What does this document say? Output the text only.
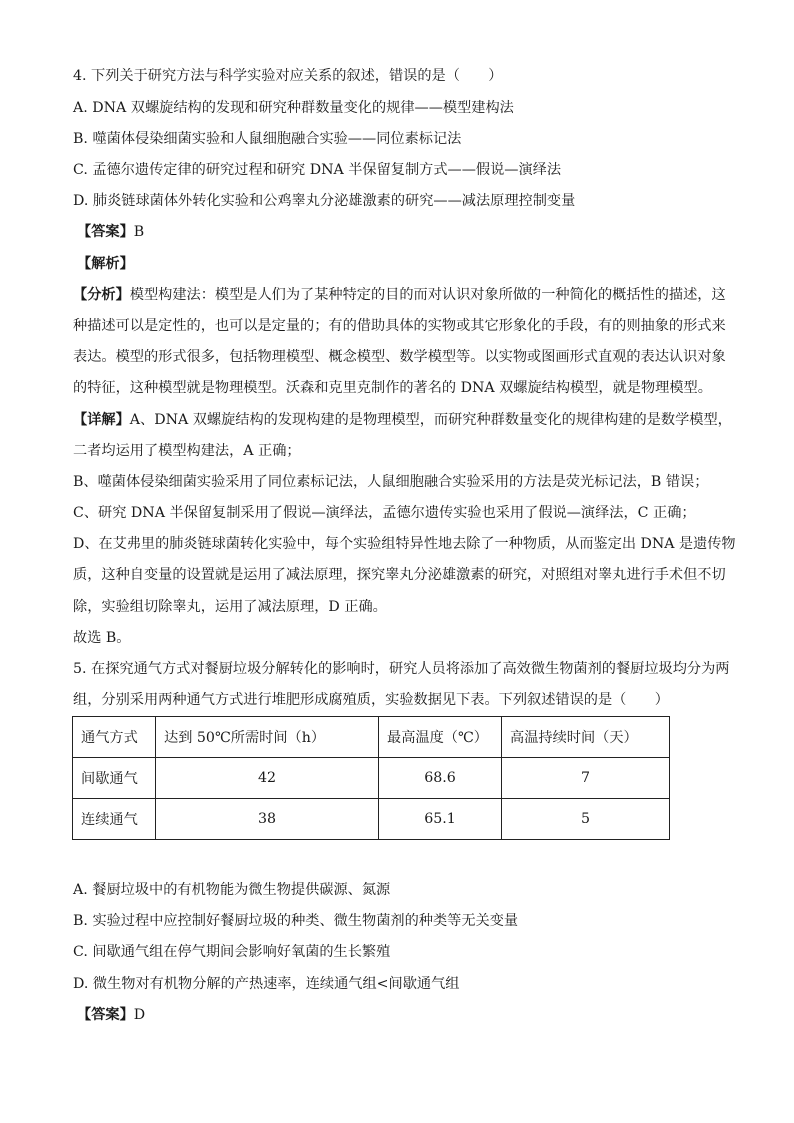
4. 下列关于研究方法与科学实验对应关系的叙述，错误的是（　　）
A. DNA 双螺旋结构的发现和研究种群数量变化的规律——模型建构法
B. 噬菌体侵染细菌实验和人鼠细胞融合实验——同位素标记法
C. 孟德尔遗传定律的研究过程和研究 DNA 半保留复制方式——假说—演绎法
D. 肺炎链球菌体外转化实验和公鸡睾丸分泌雄激素的研究——减法原理控制变量
【答案】B
【解析】
【分析】模型构建法：模型是人们为了某种特定的目的而对认识对象所做的一种简化的概括性的描述，这
种描述可以是定性的，也可以是定量的；有的借助具体的实物或其它形象化的手段，有的则抽象的形式来
表达。模型的形式很多，包括物理模型、概念模型、数学模型等。以实物或图画形式直观的表达认识对象
的特征，这种模型就是物理模型。沃森和克里克制作的著名的 DNA 双螺旋结构模型，就是物理模型。
【详解】A、DNA 双螺旋结构的发现构建的是物理模型，而研究种群数量变化的规律构建的是数学模型，
二者均运用了模型构建法，A 正确；
B、噬菌体侵染细菌实验采用了同位素标记法，人鼠细胞融合实验采用的方法是荧光标记法，B 错误；
C、研究 DNA 半保留复制采用了假说—演绎法，孟德尔遗传实验也采用了假说—演绎法，C 正确；
D、在艾弗里的肺炎链球菌转化实验中，每个实验组特异性地去除了一种物质，从而鉴定出 DNA 是遗传物
质，这种自变量的设置就是运用了减法原理，探究睾丸分泌雄激素的研究，对照组对睾丸进行手术但不切
除，实验组切除睾丸，运用了减法原理，D 正确。
故选 B。
5. 在探究通气方式对餐厨垃圾分解转化的影响时，研究人员将添加了高效微生物菌剂的餐厨垃圾均分为两
组，分别采用两种通气方式进行堆肥形成腐殖质，实验数据见下表。下列叙述错误的是（　　）
通气方式	达到 50℃所需时间（h）	最高温度（℃）	高温持续时间（天）
间歇通气	42	68.6	7
连续通气	38	65.1	5
A. 餐厨垃圾中的有机物能为微生物提供碳源、氮源
B. 实验过程中应控制好餐厨垃圾的种类、微生物菌剂的种类等无关变量
C. 间歇通气组在停气期间会影响好氧菌的生长繁殖
D. 微生物对有机物分解的产热速率，连续通气组<间歇通气组
【答案】D
